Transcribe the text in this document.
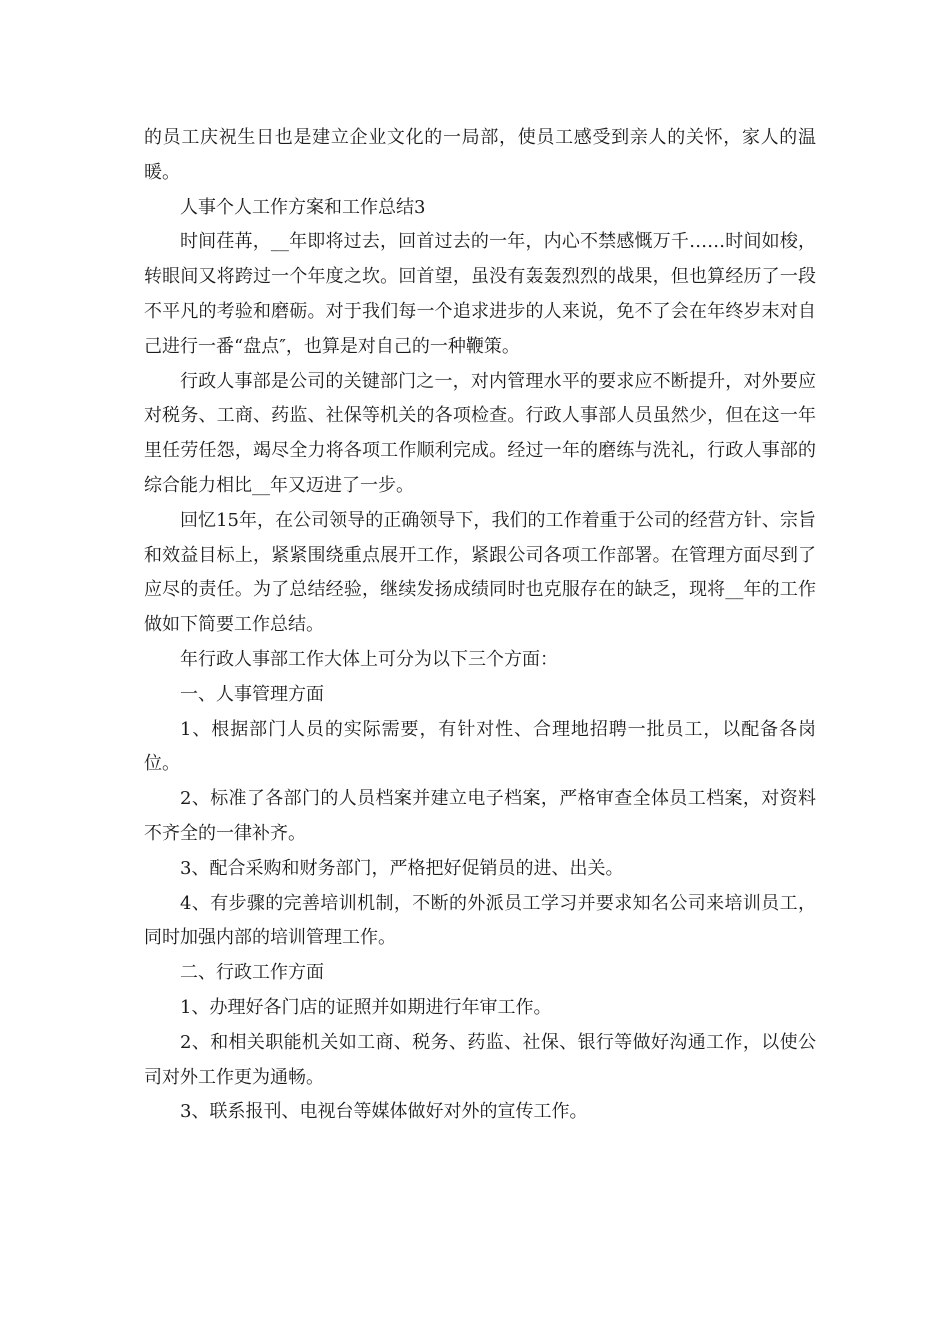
的员工庆祝生日也是建立企业文化的一局部，使员工感受到亲人的关怀，家人的温暖。

人事个人工作方案和工作总结3

时间荏苒，__年即将过去，回首过去的一年，内心不禁感慨万千……时间如梭，转眼间又将跨过一个年度之坎。回首望，虽没有轰轰烈烈的战果，但也算经历了一段不平凡的考验和磨砺。对于我们每一个追求进步的人来说，免不了会在年终岁末对自己进行一番“盘点″，也算是对自己的一种鞭策。

行政人事部是公司的关键部门之一，对内管理水平的要求应不断提升，对外要应对税务、工商、药监、社保等机关的各项检查。行政人事部人员虽然少，但在这一年里任劳任怨，竭尽全力将各项工作顺利完成。经过一年的磨练与洗礼，行政人事部的综合能力相比__年又迈进了一步。

回忆15年，在公司领导的正确领导下，我们的工作着重于公司的经营方针、宗旨和效益目标上，紧紧围绕重点展开工作，紧跟公司各项工作部署。在管理方面尽到了应尽的责任。为了总结经验，继续发扬成绩同时也克服存在的缺乏，现将__年的工作做如下简要工作总结。

年行政人事部工作大体上可分为以下三个方面：

一、人事管理方面

1、根据部门人员的实际需要，有针对性、合理地招聘一批员工，以配备各岗位。

2、标准了各部门的人员档案并建立电子档案，严格审查全体员工档案，对资料不齐全的一律补齐。

3、配合采购和财务部门，严格把好促销员的进、出关。

4、有步骤的完善培训机制，不断的外派员工学习并要求知名公司来培训员工，同时加强内部的培训管理工作。

二、行政工作方面

1、办理好各门店的证照并如期进行年审工作。

2、和相关职能机关如工商、税务、药监、社保、银行等做好沟通工作，以使公司对外工作更为通畅。

3、联系报刊、电视台等媒体做好对外的宣传工作。
